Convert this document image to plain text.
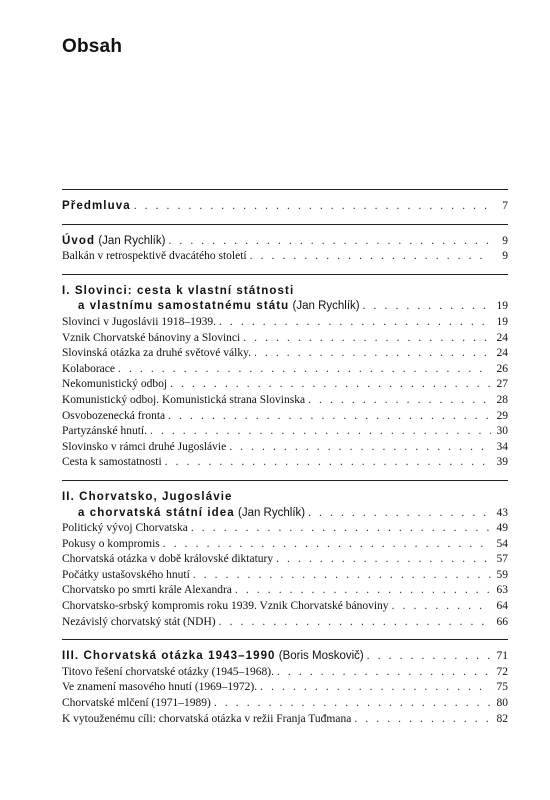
Obsah
Předmluva . . .	7
Úvod (Jan Rychlík) . . .	9
Balkán v retrospektivě dvacátého století . . .	9
I. Slovinci: cesta k vlastní státnosti
a vlastnímu samostatnému státu (Jan Rychlík) . . .	19
Slovinci v Jugoslávii 1918–1939. . . .	19
Vznik Chorvatské bánoviny a Slovinci . . .	24
Slovinská otázka za druhé světové války. . . .	24
Kolaborace . . .	26
Nekomunistický odboj . . .	27
Komunistický odboj. Komunistická strana Slovinska . . .	28
Osvobozenecká fronta . . .	29
Partyzánské hnutí. . . .	30
Slovinsko v rámci druhé Jugoslávie . . .	34
Cesta k samostatnosti . . .	39
II. Chorvatsko, Jugoslávie
a chorvatská státní idea (Jan Rychlík) . . .	43
Politický vývoj Chorvatska . . .	49
Pokusy o kompromis . . .	54
Chorvatská otázka v době královské diktatury . . .	57
Počátky ustašovského hnutí . . .	59
Chorvatsko po smrti krále Alexandra . . .	63
Chorvatsko-srbský kompromis roku 1939. Vznik Chorvatské bánoviny . . .	64
Nezávislý chorvatský stát (NDH) . . .	66
III. Chorvatská otázka 1943–1990 (Boris Moskovič) . . .	71
Titovo řešení chorvatské otázky (1945–1968). . . .	72
Ve znamení masového hnutí (1969–1972). . . .	75
Chorvatské mlčení (1971–1989) . . .	80
K vytouženému cíli: chorvatská otázka v režii Franja Tuđmana . . .	82
